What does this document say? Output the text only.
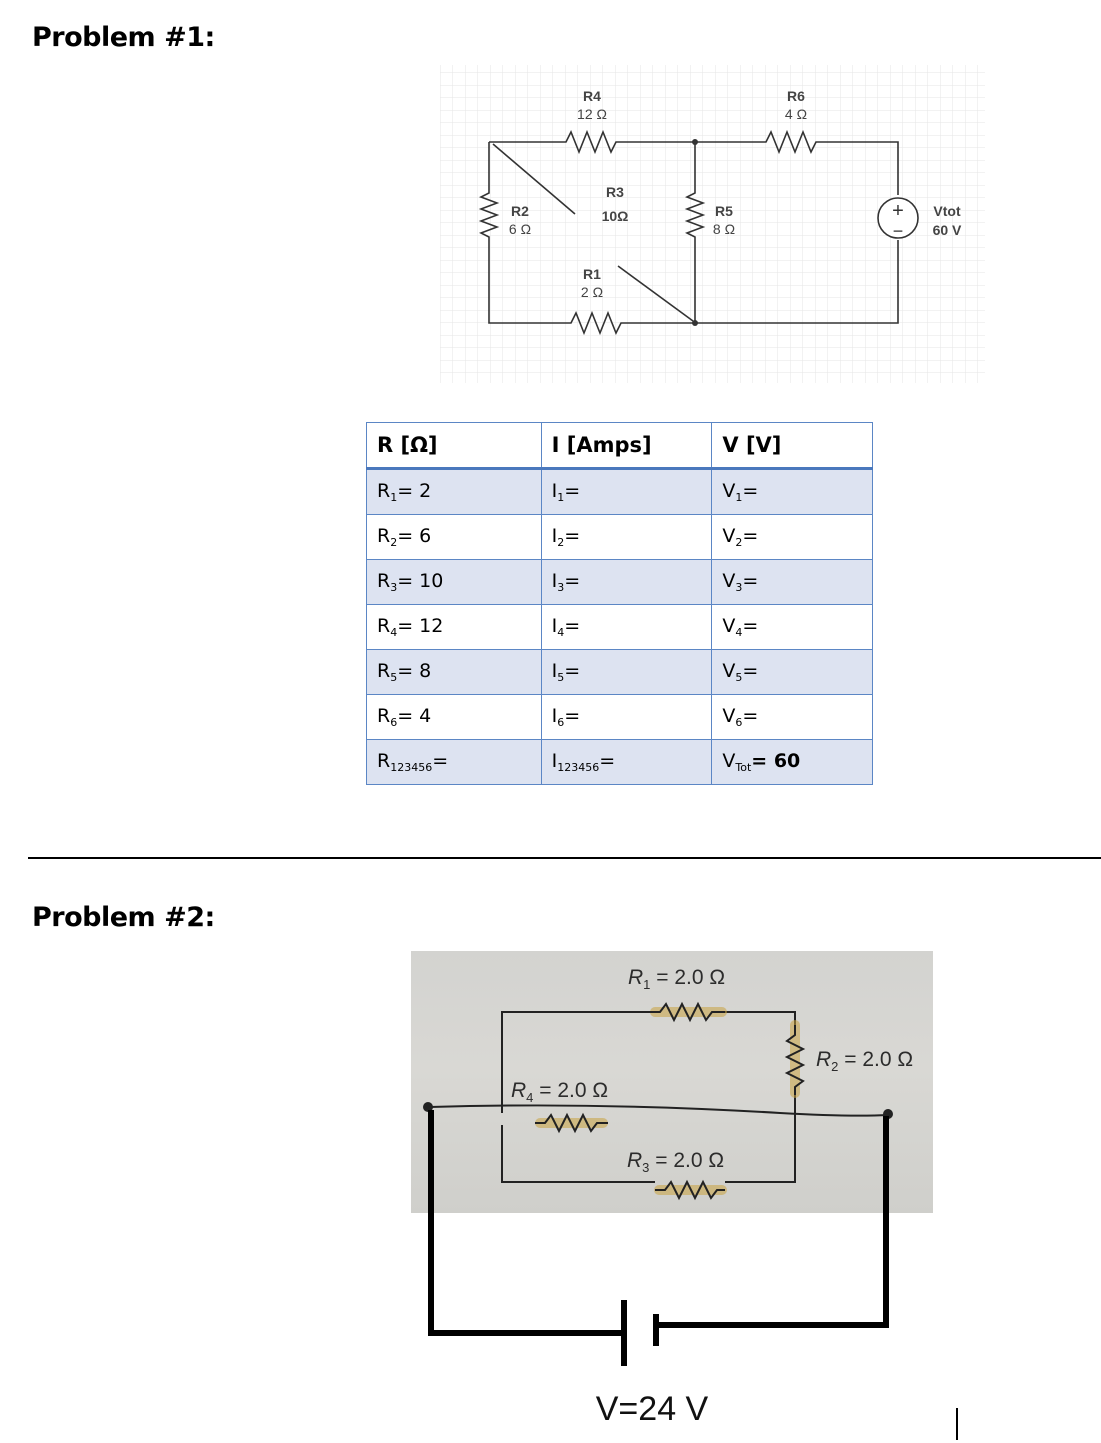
Problem #1:
+
−
R4
12 Ω
R6
4 Ω
R3
10Ω
R2
6 Ω
R5
8 Ω
R1
2 Ω
Vtot
60 V
R [Ω]	I [Amps]	V [V]
$R_1= 2$	$I_1=$	$V_1=$
$R_2= 6$	$I_2=$	$V_2=$
$R_3= 10$	$I_3=$	$V_3=$
$R_4= 12$	$I_4=$	$V_4=$
$R_5= 8$	$I_5=$	$V_5=$
$R_6= 4$	$I_6=$	$V_6=$
$R_{123456}=$	$I_{123456}=$	$V_{Tot}= 60$
Problem #2:
V=24 V
$R_1 = 2.0$ Ω
$R_2 = 2.0$ Ω
$R_4 = 2.0$ Ω
$R_3 = 2.0$ Ω
